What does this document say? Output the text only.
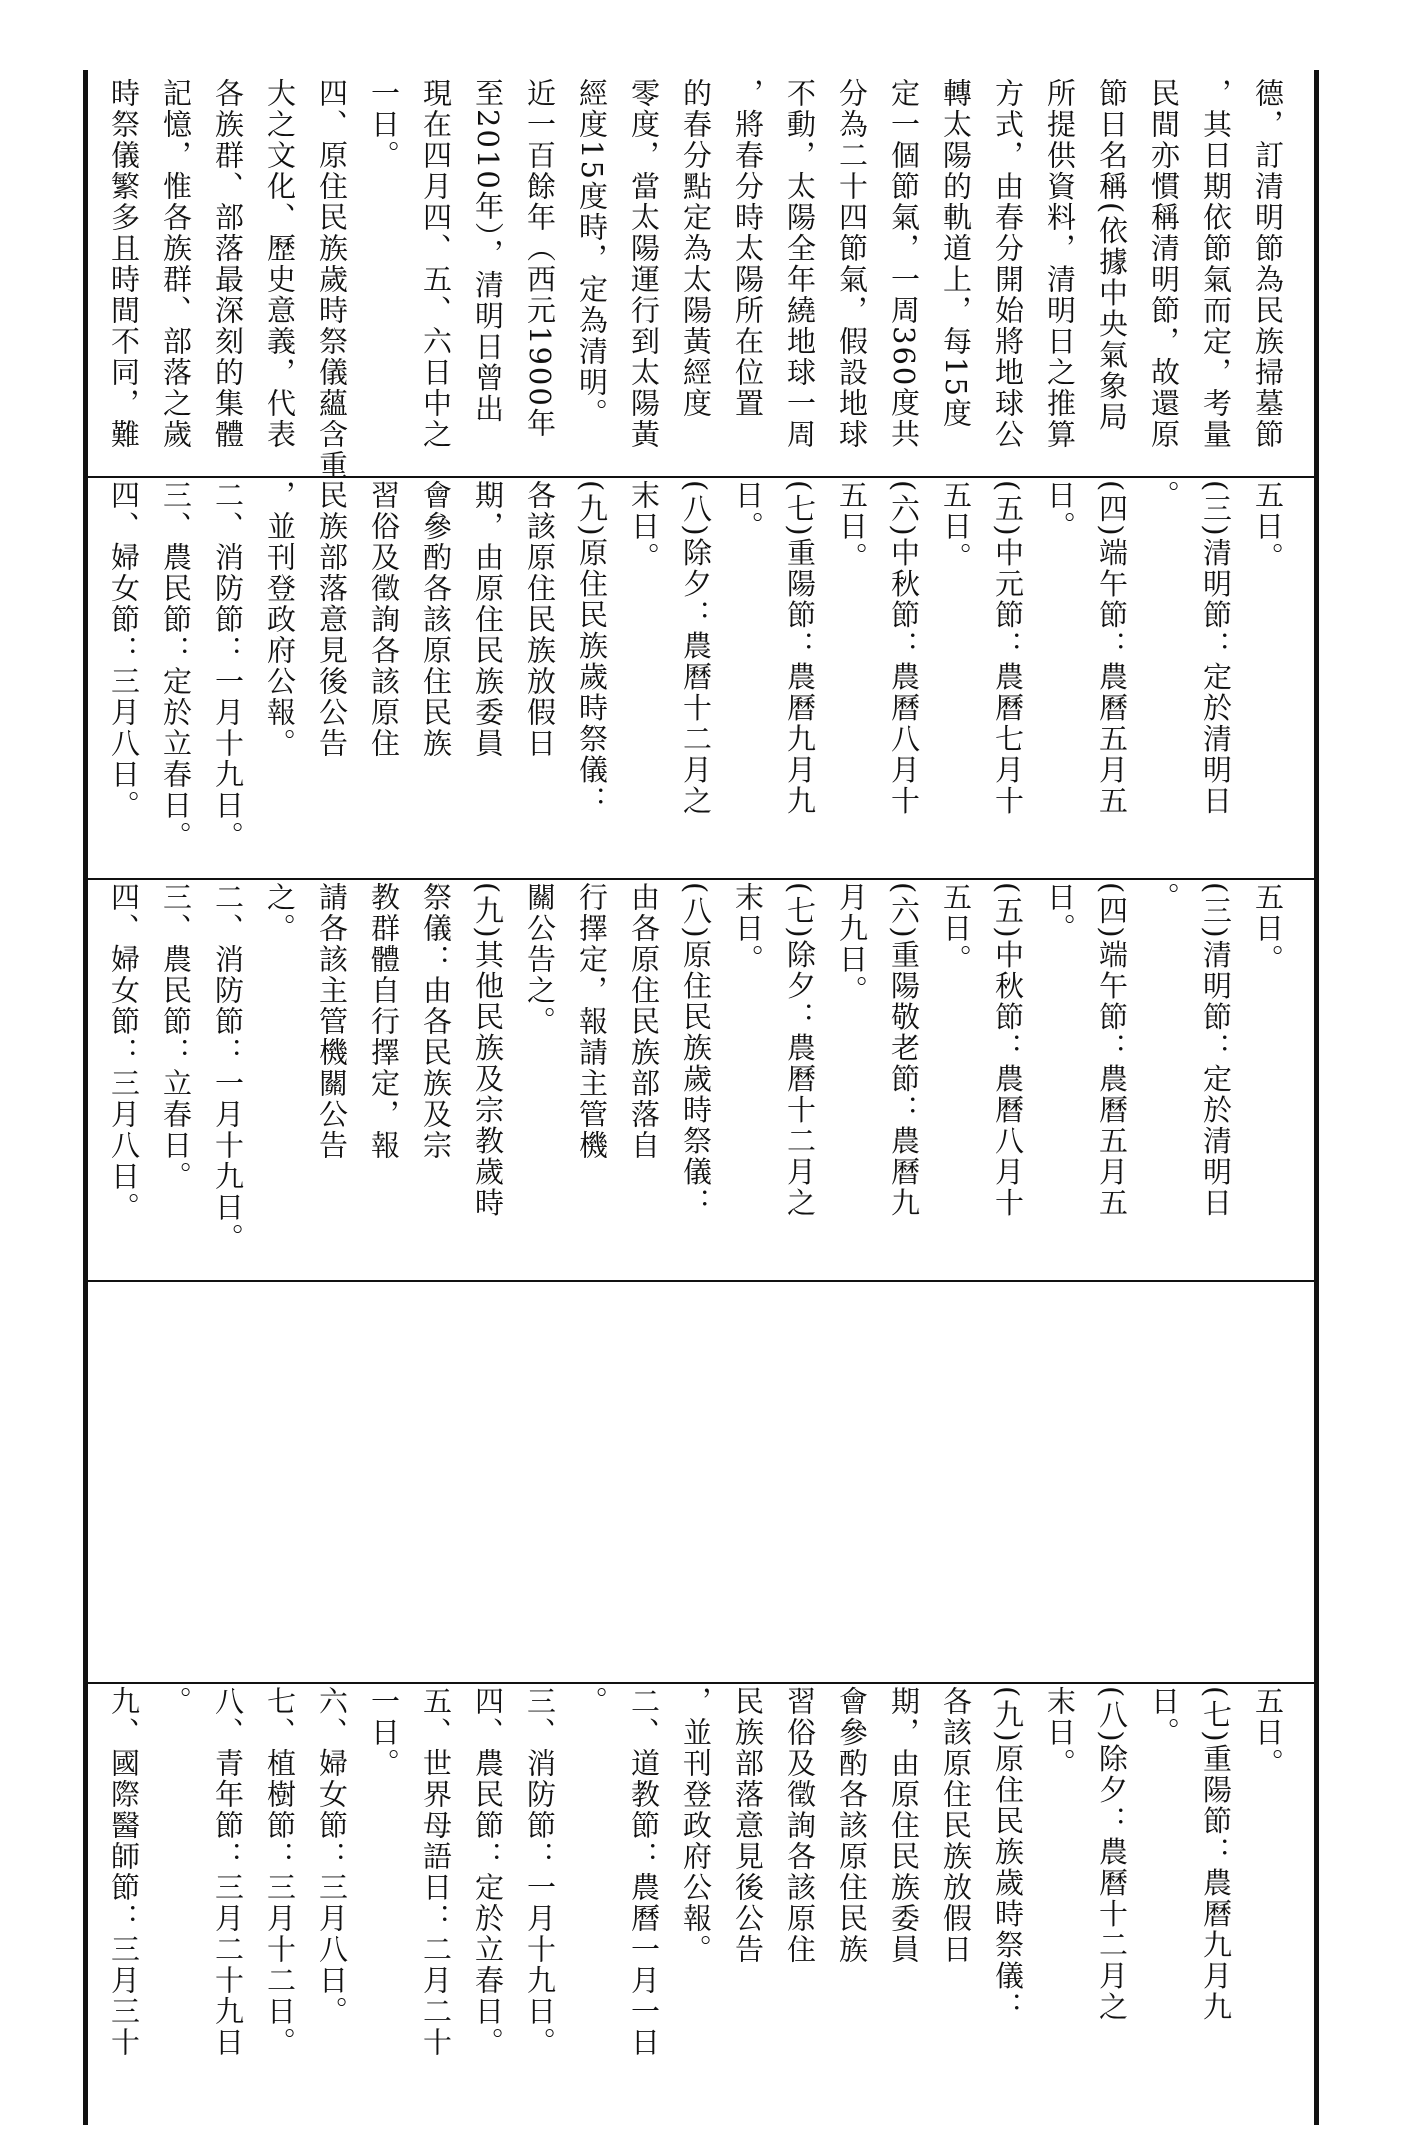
德，訂清明節為民族掃墓節
，其日期依節氣而定，考量
民間亦慣稱清明節，故還原
節日名稱(依據中央氣象局
所提供資料，清明日之推算
方式，由春分開始將地球公
轉太陽的軌道上，每15度
定一個節氣，一周360度共
分為二十四節氣，假設地球
不動，太陽全年繞地球一周
，將春分時太陽所在位置
的春分點定為太陽黃經度
零度，當太陽運行到太陽黃
經度15度時，定為清明。
近一百餘年（西元1900年
至2010年），清明日曾出
現在四月四、五、六日中之
一日。
四、原住民族歲時祭儀蘊含重
大之文化、歷史意義，代表
各族群、部落最深刻的集體
記憶，惟各族群、部落之歲
時祭儀繁多且時間不同，難
五日。
(三)清明節：定於清明日
。
(四)端午節：農曆五月五
日。
(五)中元節：農曆七月十
五日。
(六)中秋節：農曆八月十
五日。
(七)重陽節：農曆九月九
日。
(八)除夕：農曆十二月之
末日。
(九)原住民族歲時祭儀：
各該原住民族放假日
期，由原住民族委員
會參酌各該原住民族
習俗及徵詢各該原住
民族部落意見後公告
，並刊登政府公報。
二、消防節：一月十九日。
三、農民節：定於立春日。
四、婦女節：三月八日。
五日。
(三)清明節：定於清明日
。
(四)端午節：農曆五月五
日。
(五)中秋節：農曆八月十
五日。
(六)重陽敬老節：農曆九
月九日。
(七)除夕：農曆十二月之
末日。
(八)原住民族歲時祭儀：
由各原住民族部落自
行擇定，報請主管機
關公告之。
(九)其他民族及宗教歲時
祭儀：由各民族及宗
教群體自行擇定，報
請各該主管機關公告
之。
二、消防節：一月十九日。
三、農民節：立春日。
四、婦女節：三月八日。
五日。
(七)重陽節：農曆九月九
日。
(八)除夕：農曆十二月之
末日。
(九)原住民族歲時祭儀：
各該原住民族放假日
期，由原住民族委員
會參酌各該原住民族
習俗及徵詢各該原住
民族部落意見後公告
，並刊登政府公報。
二、道教節：農曆一月一日
。
三、消防節：一月十九日。
四、農民節：定於立春日。
五、世界母語日：二月二十
一日。
六、婦女節：三月八日。
七、植樹節：三月十二日。
八、青年節：三月二十九日
。
九、國際醫師節：三月三十
